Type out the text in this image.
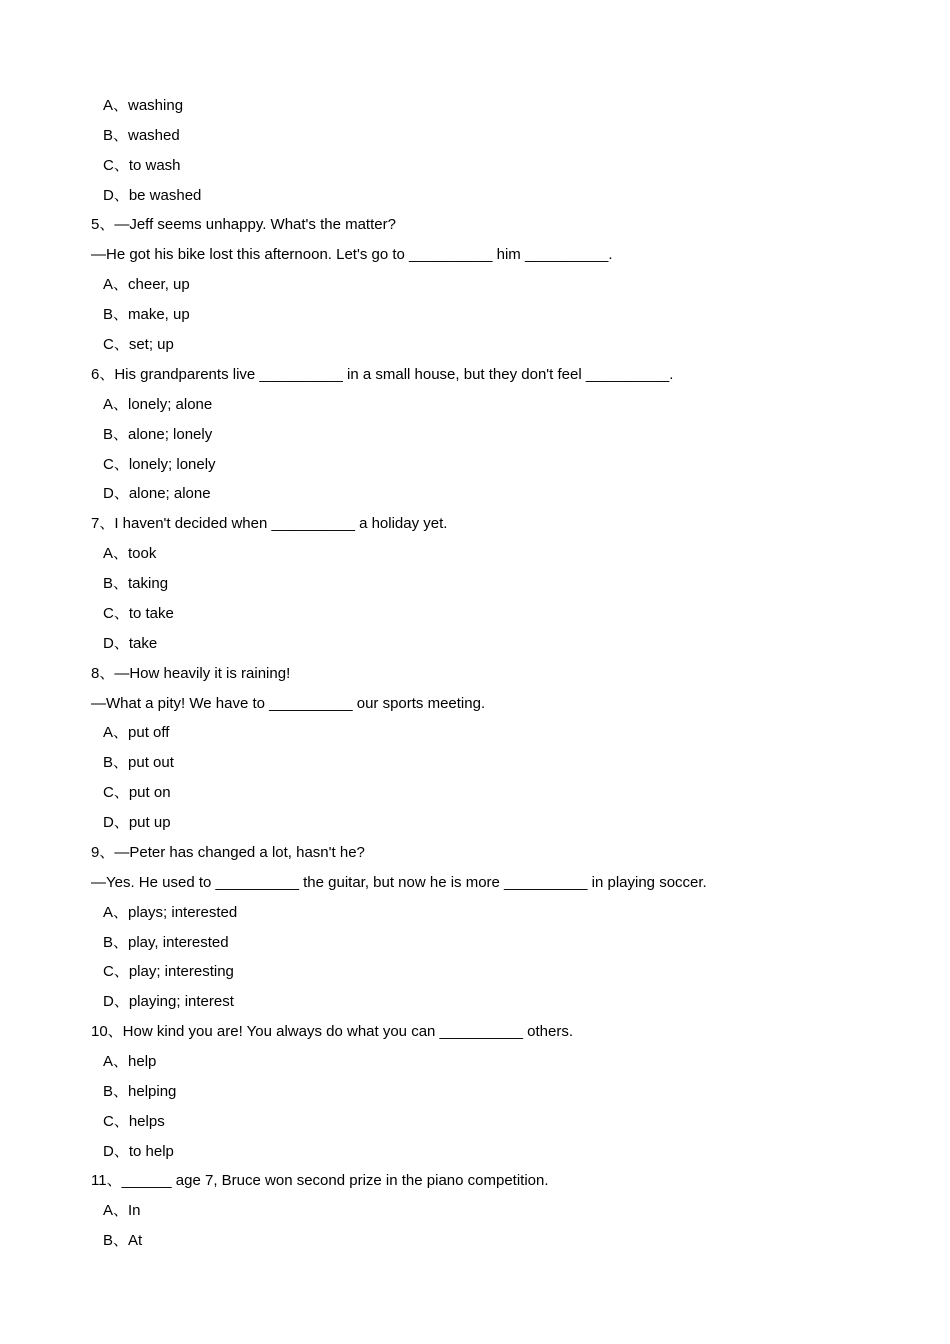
A、washing
B、washed
C、to wash
D、be washed
5、—Jeff seems unhappy. What's the matter?
—He got his bike lost this afternoon. Let's go to __________ him __________.
A、cheer, up
B、make, up
C、set; up
6、His grandparents live __________ in a small house, but they don't feel __________.
A、lonely; alone
B、alone; lonely
C、lonely; lonely
D、alone; alone
7、I haven't decided when __________ a holiday yet.
A、took
B、taking
C、to take
D、take
8、—How heavily it is raining!
—What a pity! We have to __________ our sports meeting.
A、put off
B、put out
C、put on
D、put up
9、—Peter has changed a lot, hasn't he?
—Yes. He used to __________ the guitar, but now he is more __________ in playing soccer.
A、plays; interested
B、play, interested
C、play; interesting
D、playing; interest
10、How kind you are! You always do what you can __________ others.
A、help
B、helping
C、helps
D、to help
11、______ age 7, Bruce won second prize in the piano competition.
A、In
B、At
